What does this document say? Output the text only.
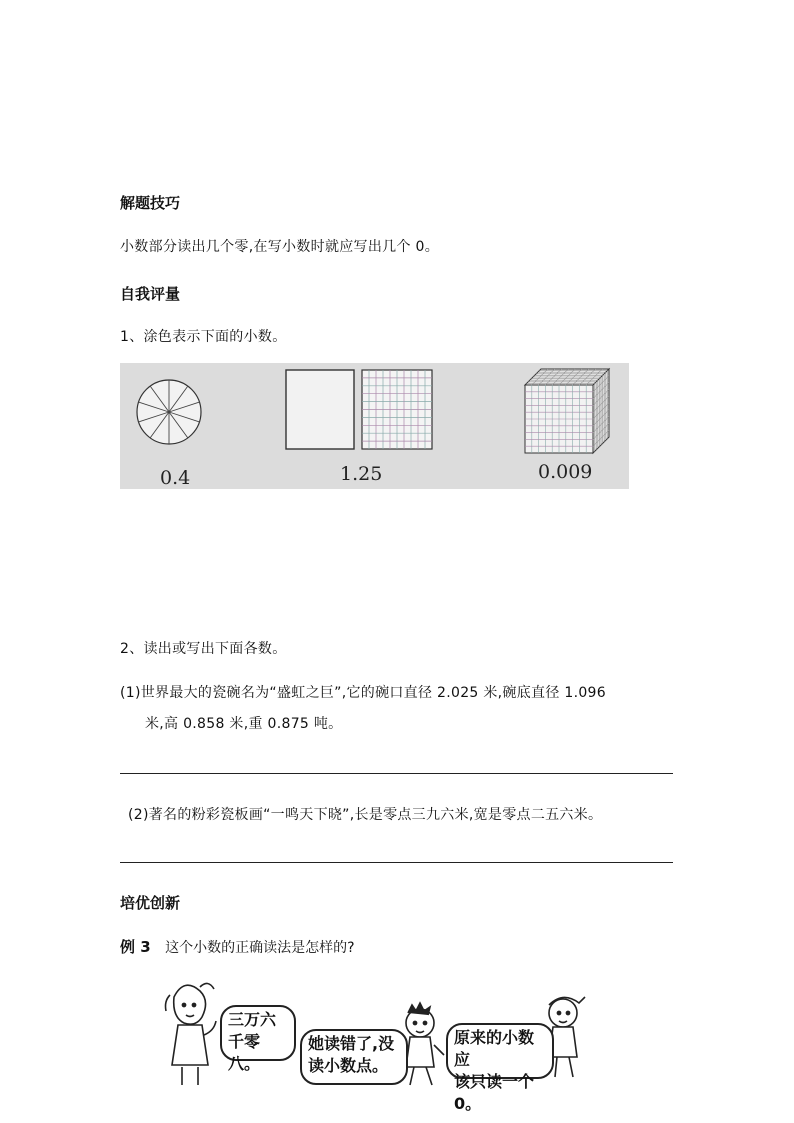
解题技巧
小数部分读出几个零,在写小数时就应写出几个 0。
自我评量
1、涂色表示下面的小数。
0.4	1.25	0.009
2、读出或写出下面各数。
(1)世界最大的瓷碗名为“盛虹之巨”,它的碗口直径 2.025 米,碗底直径 1.096
米,高 0.858 米,重 0.875 吨。
(2)著名的粉彩瓷板画“一鸣天下晓”,长是零点三九六米,宽是零点二五六米。
培优创新
例 3 这个小数的正确读法是怎样的?
三万六
千零八。
她读错了,没
读小数点。
原来的小数应
该只读一个0。
